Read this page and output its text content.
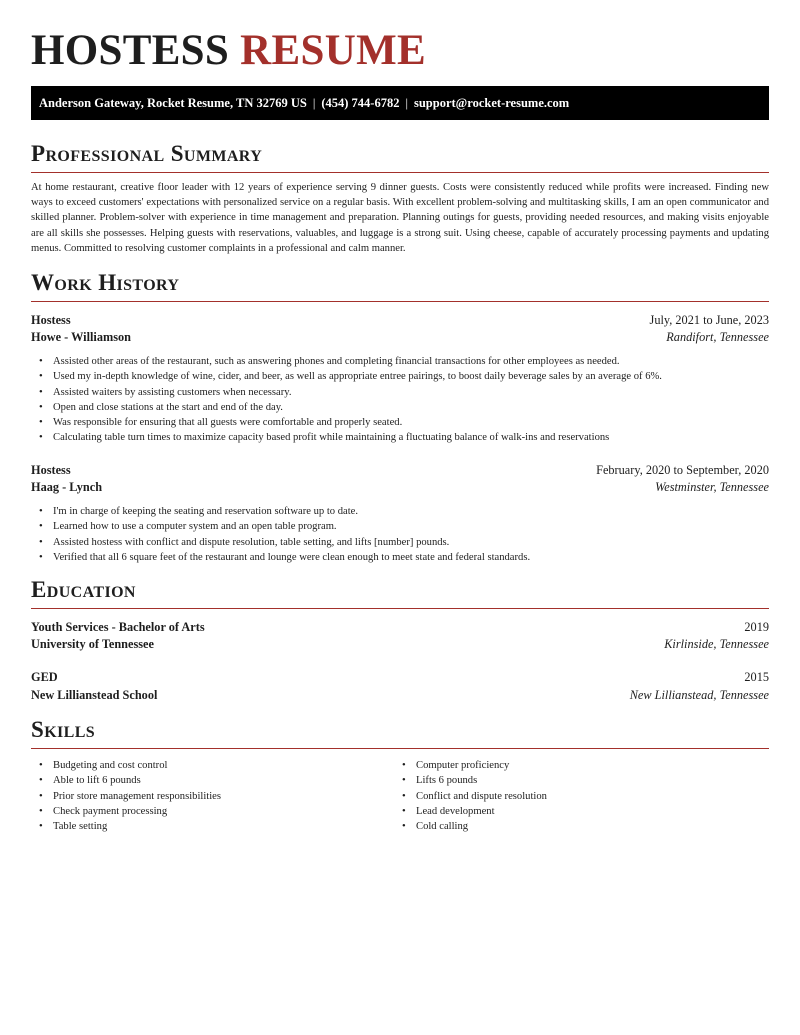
HOSTESS RESUME
Anderson Gateway, Rocket Resume, TN 32769 US | (454) 744-6782 | support@rocket-resume.com
Professional Summary

At home restaurant, creative floor leader with 12 years of experience serving 9 dinner guests. Costs were consistently reduced while profits were increased. Finding new ways to exceed customers' expectations with personalized service on a regular basis. With excellent problem-solving and multitasking skills, I am an open communicator and skilled planner. Problem-solver with experience in time management and preparation. Planning outings for guests, providing needed resources, and making visits enjoyable are all skills she possesses. Helping guests with reservations, valuables, and luggage is a strong suit. Using cheese, capable of accurately processing payments and updating menus. Committed to resolving customer complaints in a professional and calm manner.

Work History
Hostess	July, 2021 to June, 2023
Howe - Williamson	Randifort, Tennessee
• Assisted other areas of the restaurant, such as answering phones and completing financial transactions for other employees as needed.
• Used my in-depth knowledge of wine, cider, and beer, as well as appropriate entree pairings, to boost daily beverage sales by an average of 6%.
• Assisted waiters by assisting customers when necessary.
• Open and close stations at the start and end of the day.
• Was responsible for ensuring that all guests were comfortable and properly seated.
• Calculating table turn times to maximize capacity based profit while maintaining a fluctuating balance of walk-ins and reservations
Hostess	February, 2020 to September, 2020
Haag - Lynch	Westminster, Tennessee
• I'm in charge of keeping the seating and reservation software up to date.
• Learned how to use a computer system and an open table program.
• Assisted hostess with conflict and dispute resolution, table setting, and lifts [number] pounds.
• Verified that all 6 square feet of the restaurant and lounge were clean enough to meet state and federal standards.
Education
Youth Services - Bachelor of Arts	2019
University of Tennessee	Kirlinside, Tennessee
GED	2015
New Lillianstead School	New Lillianstead, Tennessee
Skills
• Budgeting and cost control
• Able to lift 6 pounds
• Prior store management responsibilities
• Check payment processing
• Table setting
• Computer proficiency
• Lifts 6 pounds
• Conflict and dispute resolution
• Lead development
• Cold calling
